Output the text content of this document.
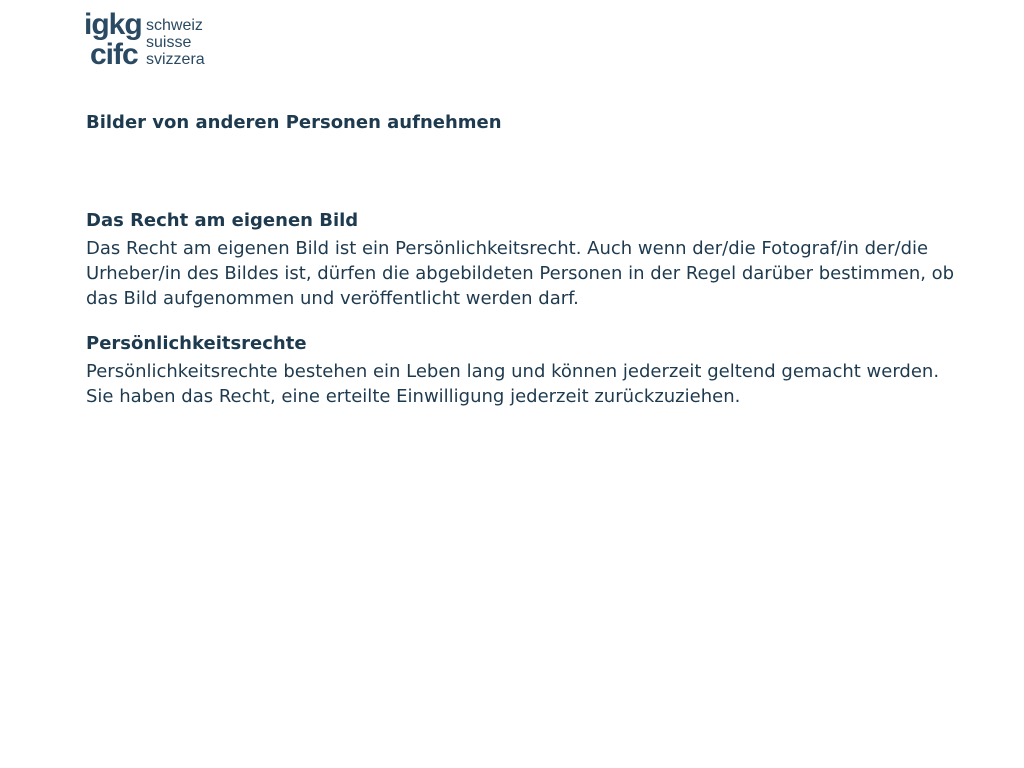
igkg
cifc
schweiz
suisse
svizzera
Bilder von anderen Personen aufnehmen
Das Recht am eigenen Bild

Das Recht am eigenen Bild ist ein Persönlichkeitsrecht. Auch wenn der/die Fotograf/in der/die Urheber/in des Bildes ist, dürfen die abgebildeten Personen in der Regel darüber bestimmen, ob das Bild aufgenommen und veröffentlicht werden darf.

Persönlichkeitsrechte

Persönlichkeitsrechte bestehen ein Leben lang und können jederzeit geltend gemacht werden. Sie haben das Recht, eine erteilte Einwilligung jederzeit zurückzuziehen.
